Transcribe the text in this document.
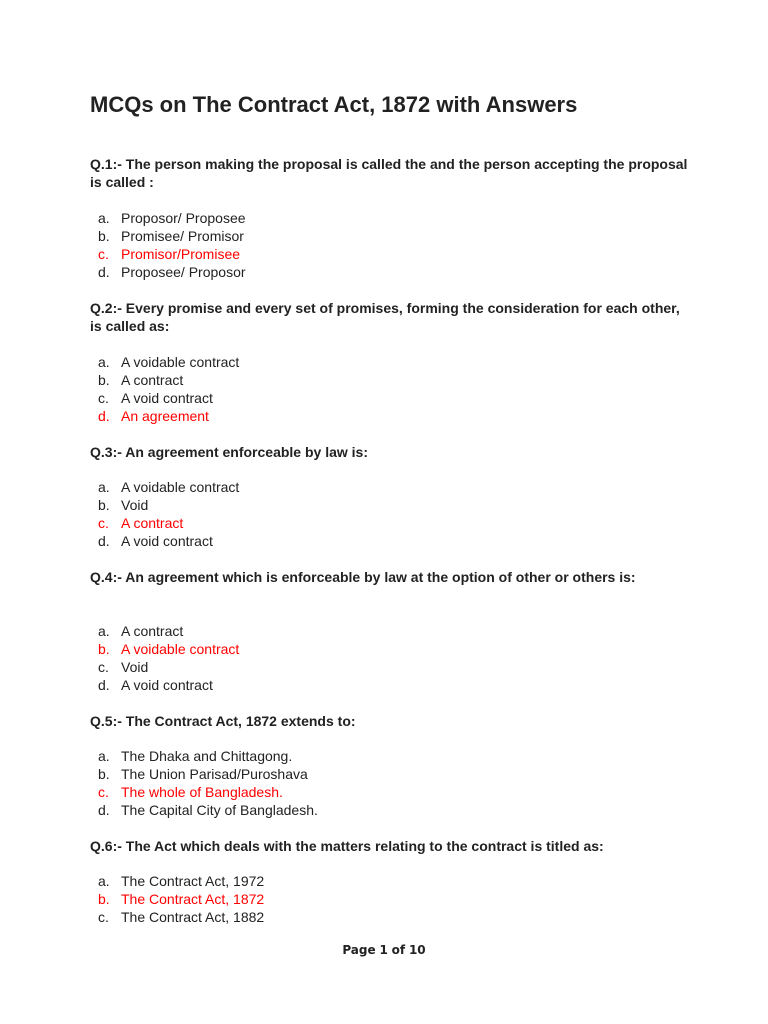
MCQs on The Contract Act, 1872 with Answers

Q.1:- The person making the proposal is called the and the person accepting the proposal is called :

a. Proposor/ Proposee
b. Promisee/ Promisor
c. Promisor/Promisee
d. Proposee/ Proposor

Q.2:- Every promise and every set of promises, forming the consideration for each other, is called as:

a. A voidable contract
b. A contract
c. A void contract
d. An agreement

Q.3:- An agreement enforceable by law is:

a. A voidable contract
b. Void
c. A contract
d. A void contract

Q.4:- An agreement which is enforceable by law at the option of other or others is:

a. A contract
b. A voidable contract
c. Void
d. A void contract

Q.5:- The Contract Act, 1872 extends to:

a. The Dhaka and Chittagong.
b. The Union Parisad/Puroshava
c. The whole of Bangladesh.
d. The Capital City of Bangladesh.

Q.6:- The Act which deals with the matters relating to the contract is titled as:

a. The Contract Act, 1972
b. The Contract Act, 1872
c. The Contract Act, 1882
Page 1 of 10
